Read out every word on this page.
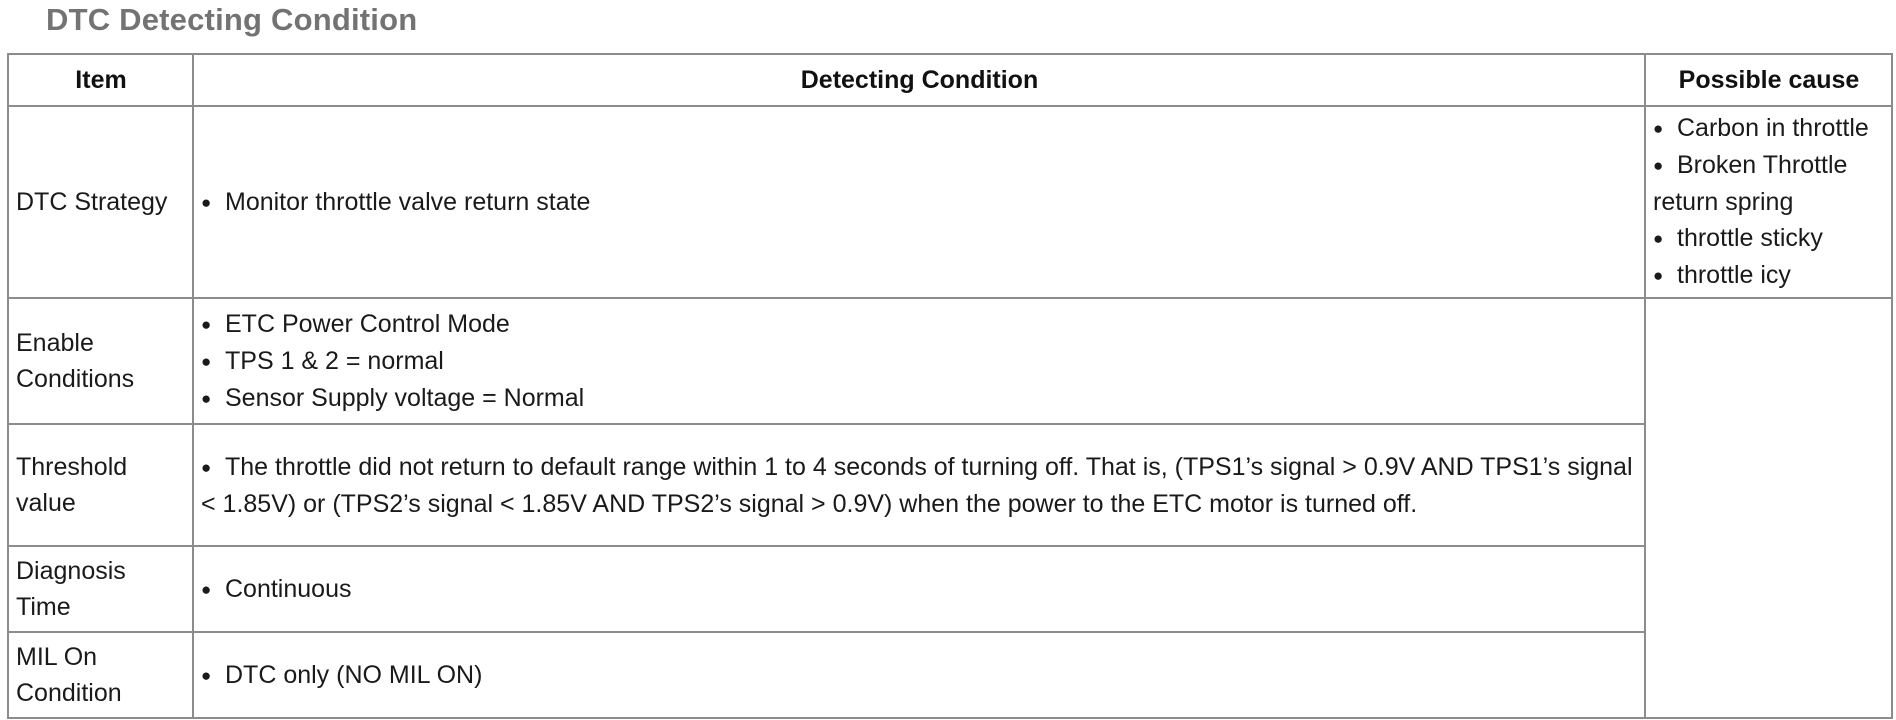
DTC Detecting Condition
Item	Detecting Condition	Possible cause
DTC Strategy	● Monitor throttle valve return state	● Carbon in throttle
● Broken Throttle return spring
● throttle sticky
● throttle icy

Enable Conditions	● ETC Power Control Mode
● TPS 1 & 2 = normal
● Sensor Supply voltage = Normal

Threshold value	● The throttle did not return to default range within 1 to 4 seconds of turning off. That is, (TPS1’s signal > 0.9V AND TPS1’s signal < 1.85V) or (TPS2’s signal < 1.85V AND TPS2’s signal > 0.9V) when the power to the ETC motor is turned off.

Diagnosis Time	● Continuous

MIL On Condition	● DTC only (NO MIL ON)
